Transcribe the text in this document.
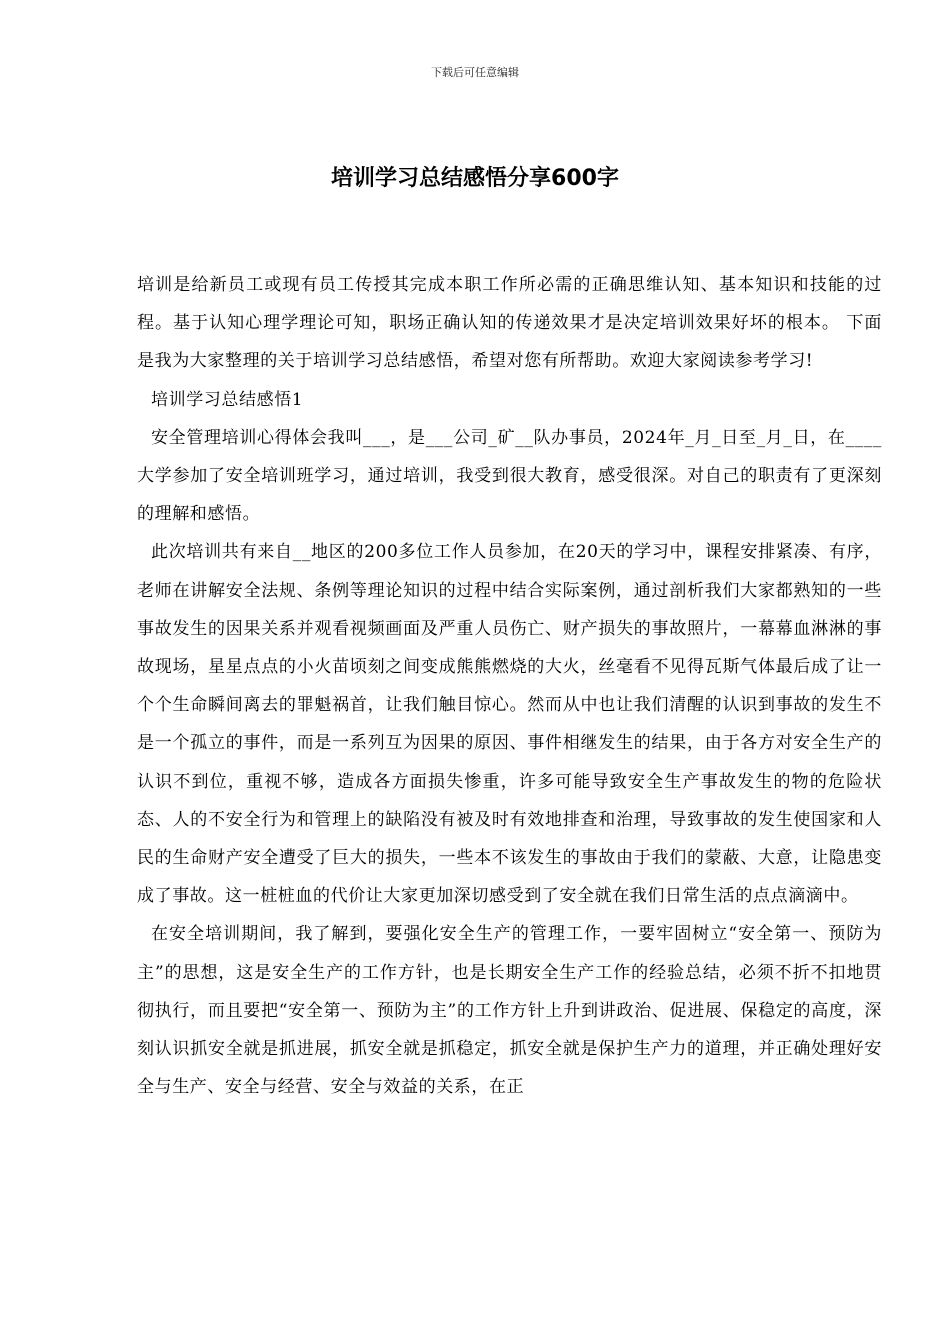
下载后可任意编辑
培训学习总结感悟分享600字

培训是给新员工或现有员工传授其完成本职工作所必需的正确思维认知、基本知识和技能的过程。基于认知心理学理论可知，职场正确认知的传递效果才是决定培训效果好坏的根本。 下面是我为大家整理的关于培训学习总结感悟，希望对您有所帮助。欢迎大家阅读参考学习!

培训学习总结感悟1

安全管理培训心得体会我叫___，是___公司_矿__队办事员，2024年_月_日至_月_日，在____大学参加了安全培训班学习，通过培训，我受到很大教育，感受很深。对自己的职责有了更深刻的理解和感悟。

此次培训共有来自__地区的200多位工作人员参加，在20天的学习中，课程安排紧凑、有序，老师在讲解安全法规、条例等理论知识的过程中结合实际案例，通过剖析我们大家都熟知的一些事故发生的因果关系并观看视频画面及严重人员伤亡、财产损失的事故照片，一幕幕血淋淋的事故现场，星星点点的小火苗顷刻之间变成熊熊燃烧的大火，丝毫看不见得瓦斯气体最后成了让一个个生命瞬间离去的罪魁祸首，让我们触目惊心。然而从中也让我们清醒的认识到事故的发生不是一个孤立的事件，而是一系列互为因果的原因、事件相继发生的结果，由于各方对安全生产的认识不到位，重视不够，造成各方面损失惨重，许多可能导致安全生产事故发生的物的危险状态、人的不安全行为和管理上的缺陷没有被及时有效地排查和治理，导致事故的发生使国家和人民的生命财产安全遭受了巨大的损失，一些本不该发生的事故由于我们的蒙蔽、大意，让隐患变成了事故。这一桩桩血的代价让大家更加深切感受到了安全就在我们日常生活的点点滴滴中。

在安全培训期间，我了解到，要强化安全生产的管理工作，一要牢固树立“安全第一、预防为主”的思想，这是安全生产的工作方针，也是长期安全生产工作的经验总结，必须不折不扣地贯彻执行，而且要把“安全第一、预防为主”的工作方针上升到讲政治、促进展、保稳定的高度，深刻认识抓安全就是抓进展，抓安全就是抓稳定，抓安全就是保护生产力的道理，并正确处理好安全与生产、安全与经营、安全与效益的关系，在正
